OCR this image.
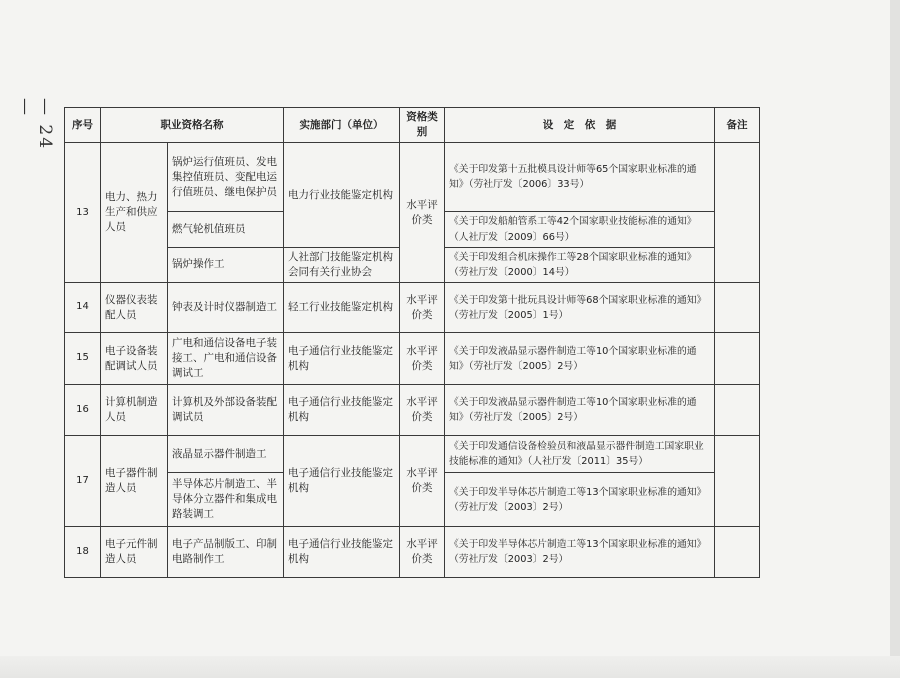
— 24 —
序号	职业资格名称		实施部门（单位）	资格类别	设　定　依　据	备注
13	电力、热力生产和供应人员	锅炉运行值班员、发电集控值班员、变配电运行值班员、继电保护员	电力行业技能鉴定机构	水平评价类	《关于印发第十五批模具设计师等65个国家职业标准的通知》（劳社厅发〔2006〕33号）	
		燃气轮机值班员			《关于印发船舶管系工等42个国家职业技能标准的通知》（人社厅发〔2009〕66号）	
		锅炉操作工	人社部门技能鉴定机构会同有关行业协会		《关于印发组合机床操作工等28个国家职业标准的通知》（劳社厅发〔2000〕14号）	
14	仪器仪表装配人员	钟表及计时仪器制造工	轻工行业技能鉴定机构	水平评价类	《关于印发第十批玩具设计师等68个国家职业标准的通知》（劳社厅发〔2005〕1号）	
15	电子设备装配调试人员	广电和通信设备电子装接工、广电和通信设备调试工	电子通信行业技能鉴定机构	水平评价类	《关于印发液晶显示器件制造工等10个国家职业标准的通知》（劳社厅发〔2005〕2号）	
16	计算机制造人员	计算机及外部设备装配调试员	电子通信行业技能鉴定机构	水平评价类	《关于印发液晶显示器件制造工等10个国家职业标准的通知》（劳社厅发〔2005〕2号）	
17	电子器件制造人员	液晶显示器件制造工	电子通信行业技能鉴定机构	水平评价类	《关于印发通信设备检验员和液晶显示器件制造工国家职业技能标准的通知》（人社厅发〔2011〕35号）	
		半导体芯片制造工、半导体分立器件和集成电路装调工			《关于印发半导体芯片制造工等13个国家职业标准的通知》（劳社厅发〔2003〕2号）	
18	电子元件制造人员	电子产品制版工、印制电路制作工	电子通信行业技能鉴定机构	水平评价类	《关于印发半导体芯片制造工等13个国家职业标准的通知》（劳社厅发〔2003〕2号）	
